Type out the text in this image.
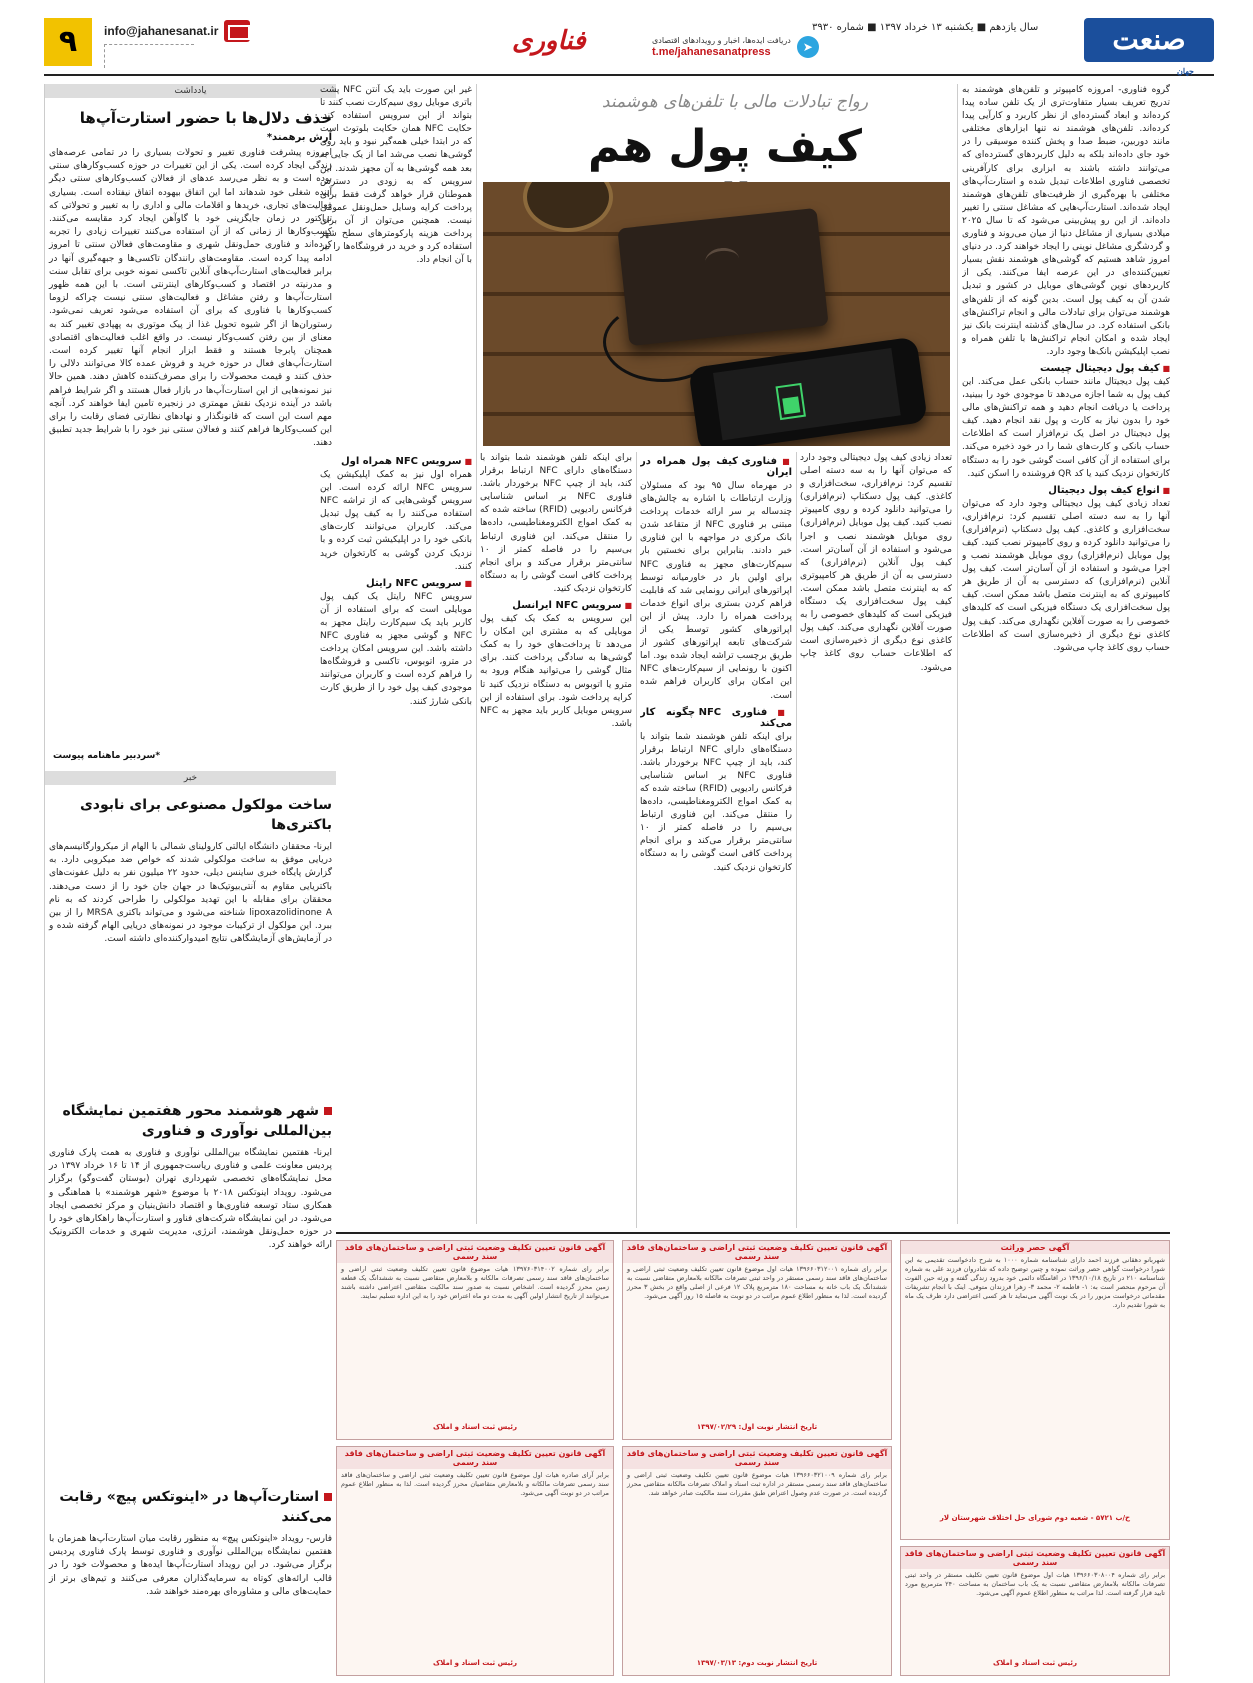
۹	info@jahanesanat.ir	فناوری	➤
دریافت ایده‌ها، اخبار و رویدادهای اقتصادی
t.me/jahanesanatpress
سال یازدهم ■ یکشنبه ۱۳ خرداد ۱۳۹۷ ■ شماره ۳۹۳۰	صنعت
جهان
یادداشت
حذف دلال‌ها با حضور استارت‌آپ‌ها
آرش برهمند*
امروزه پیشرفت فناوری تغییر و تحولات بسیاری را در تمامی عرصه‌های زندگی ایجاد کرده است. یکی از این تغییرات در حوزه کسب‌وکارهای سنتی بوده است و به نظر می‌رسد عدهای از فعالان کسب‌وکارهای سنتی دیگر آینده شغلی خود شدهاند اما این اتفاق بیهوده اتفاق نیفتاده است. بسیاری فعالیت‌های تجاری، خریدها و اقلامات مالی و اداری را به تغییر و تحولاتی که تراکتور در زمان جایگزینی خود با گاوآهن ایجاد کرد مقایسه می‌کنند. کسب‌وکارها از زمانی که از آن استفاده می‌کنند تغییرات زیادی را تجربه کرده‌اند و فناوری حمل‌ونقل شهری و مقاومت‌های فعالان سنتی تا امروز ادامه پیدا کرده است. مقاومت‌های رانندگان تاکسی‌ها و جبهه‌گیری آنها در برابر فعالیت‌های استارت‌آپ‌های آنلاین تاکسی نمونه خوبی برای تقابل سنت و مدرنیته در اقتصاد و کسب‌وکارهای اینترنتی است. با این همه ظهور استارت‌آپ‌ها و رفتن مشاغل و فعالیت‌های سنتی نیست چراکه لزوما کسب‌وکارها با فناوری که برای آن استفاده می‌شود تعریف نمی‌شود. رستوران‌ها از اگر شیوه تحویل غذا از پیک موتوری به پهپادی تغییر کند به معنای از بین رفتن کسب‌وکار نیست. در واقع اغلب فعالیت‌های اقتصادی همچنان پابرجا هستند و فقط ابزار انجام آنها تغییر کرده است. استارت‌آپ‌های فعال در حوزه خرید و فروش عمده کالا می‌توانند دلالی را حذف کنند و قیمت محصولات را برای مصرف‌کننده کاهش دهند. همین حالا نیز نمونه‌هایی از این استارت‌آپ‌ها در بازار فعال هستند و اگر شرایط فراهم باشد در آینده نزدیک نقش مهمتری در زنجیره تامین ایفا خواهند کرد. آنچه مهم است این است که قانونگذار و نهادهای نظارتی فضای رقابت را برای این کسب‌وکارها فراهم کنند و فعالان سنتی نیز خود را با شرایط جدید تطبیق دهند.
*سردبیر ماهنامه پیوست
خبر
ساخت مولکول مصنوعی برای نابودی باکتری‌ها
ایرنا- محققان دانشگاه ایالتی کارولینای شمالی با الهام از میکروارگانیسم‌های دریایی موفق به ساخت مولکولی شدند که خواص ضد میکروبی دارد. به گزارش پایگاه خبری ساینس دیلی، حدود ۲۲ میلیون نفر به دلیل عفونت‌های باکتریایی مقاوم به آنتی‌بیوتیک‌ها در جهان جان خود را از دست می‌دهند. محققان برای مقابله با این تهدید مولکولی را طراحی کردند که به نام lipoxazolidinone A شناخته می‌شود و می‌تواند باکتری MRSA را از بین ببرد. این مولکول از ترکیبات موجود در نمونه‌های دریایی الهام گرفته شده و در آزمایش‌های آزمایشگاهی نتایج امیدوارکننده‌ای داشته است.
شهر هوشمند محور هفتمین نمایشگاه بین‌المللی نوآوری و فناوری
ایرنا- هفتمین نمایشگاه بین‌المللی نوآوری و فناوری به همت پارک فناوری پردیس معاونت علمی و فناوری ریاست‌جمهوری از ۱۴ تا ۱۶ خرداد ۱۳۹۷ در محل نمایشگاه‌های تخصصی شهرداری تهران (بوستان گفت‌وگو) برگزار می‌شود. رویداد اینوتکس ۲۰۱۸ با موضوع «شهر هوشمند» با هماهنگی و همکاری ستاد توسعه فناوری‌ها و اقتصاد دانش‌بنیان و مرکز تخصصی ایجاد می‌شود. در این نمایشگاه شرکت‌های فناور و استارت‌آپ‌ها راهکارهای خود را در حوزه حمل‌ونقل هوشمند، انرژی، مدیریت شهری و خدمات الکترونیک ارائه خواهند کرد.
استارت‌آپ‌ها در «اینوتکس پیچ» رقابت می‌کنند
فارس- رویداد «اینوتکس پیچ» به منظور رقابت میان استارت‌آپ‌ها همزمان با هفتمین نمایشگاه بین‌المللی نوآوری و فناوری توسط پارک فناوری پردیس برگزار می‌شود. در این رویداد استارت‌آپ‌ها ایده‌ها و محصولات خود را در قالب ارائه‌های کوتاه به سرمایه‌گذاران معرفی می‌کنند و تیم‌های برتر از حمایت‌های مالی و مشاوره‌ای بهره‌مند خواهند شد.
رواج تبادلات مالی با تلفن‌های هوشمند
کیف پول هم

گروه فناوری- امروزه کامپیوتر و تلفن‌های هوشمند به تدریج تعریف بسیار متفاوت‌تری از یک تلفن ساده پیدا کرده‌اند و ابعاد گسترده‌ای از نظر کاربرد و کارآیی پیدا کرده‌اند. تلفن‌های هوشمند نه تنها ابزارهای مختلفی مانند دوربین، ضبط صدا و پخش کننده موسیقی را در خود جای داده‌اند بلکه به دلیل کاربردهای گسترده‌ای که می‌توانند داشته باشند به ابزاری برای کارآفرینی تخصصی فناوری اطلاعات تبدیل شده و استارت‌آپ‌های مختلفی با بهره‌گیری از ظرفیت‌های تلفن‌های هوشمند ایجاد شده‌اند. استارت‌آپ‌هایی که مشاغل سنتی را تغییر داده‌اند. از این رو پیش‌بینی می‌شود که تا سال ۲۰۲۵ میلادی بسیاری از مشاغل دنیا از میان می‌روند و فناوری و گردشگری مشاغل نوینی را ایجاد خواهند کرد. در دنیای امروز شاهد هستیم که گوشی‌های هوشمند نقش بسیار تعیین‌کننده‌ای در این عرصه ایفا می‌کنند. یکی از کاربردهای نوین گوشی‌های موبایل در کشور و تبدیل شدن آن به کیف پول است. بدین گونه که از تلفن‌های هوشمند می‌توان برای تبادلات مالی و انجام تراکنش‌های بانکی استفاده کرد. در سال‌های گذشته اینترنت بانک نیز ایجاد شده و امکان انجام تراکنش‌ها با تلفن همراه و نصب اپلیکیشن بانک‌ها وجود دارد.

■ کیف پول دیجیتال چیست

کیف پول دیجیتال مانند حساب بانکی عمل می‌کند. این کیف پول به شما اجازه می‌دهد تا موجودی خود را ببینید، پرداخت یا دریافت انجام دهید و همه تراکنش‌های مالی خود را بدون نیاز به کارت و پول نقد انجام دهید. کیف پول دیجیتال در اصل یک نرم‌افزار است که اطلاعات حساب بانکی و کارت‌های شما را در خود ذخیره می‌کند. برای استفاده از آن کافی است گوشی خود را به دستگاه کارتخوان نزدیک کنید یا کد QR فروشنده را اسکن کنید.

■ انواع کیف پول دیجیتال

تعداد زیادی کیف پول دیجیتالی وجود دارد که می‌توان آنها را به سه دسته اصلی تقسیم کرد: نرم‌افزاری، سخت‌افزاری و کاغذی. کیف پول دسکتاپ (نرم‌افزاری) را می‌توانید دانلود کرده و روی کامپیوتر نصب کنید. کیف پول موبایل (نرم‌افزاری) روی موبایل هوشمند نصب و اجرا می‌شود و استفاده از آن آسان‌تر است. کیف پول آنلاین (نرم‌افزاری) که دسترسی به آن از طریق هر کامپیوتری که به اینترنت متصل باشد ممکن است. کیف پول سخت‌افزاری یک دستگاه فیزیکی است که کلیدهای خصوصی را به صورت آفلاین نگهداری می‌کند. کیف پول کاغذی نوع دیگری از ذخیره‌سازی است که اطلاعات حساب روی کاغذ چاپ می‌شود.

غیر این صورت باید یک آنتن NFC پشت باتری موبایل روی سیم‌کارت نصب کنند تا بتواند از این سرویس استفاده کند. حکایت NFC همان حکایت بلوتوث است که در ابتدا خیلی همه‌گیر نبود و باید روی گوشی‌ها نصب می‌شد اما از یک جایی به بعد همه گوشی‌ها به آن مجهز شدند. این سرویس که به زودی در دسترس هموطنان قرار خواهد گرفت فقط برای پرداخت کرایه وسایل حمل‌ونقل عمومی نیست. همچنین می‌توان از آن برای پرداخت هزینه پارکومترهای سطح شهر استفاده کرد و خرید در فروشگاه‌ها را نیز با آن انجام داد.

تعداد زیادی کیف پول دیجیتالی وجود دارد که می‌توان آنها را به سه دسته اصلی تقسیم کرد: نرم‌افزاری، سخت‌افزاری و کاغذی. کیف پول دسکتاپ (نرم‌افزاری) را می‌توانید دانلود کرده و روی کامپیوتر نصب کنید. کیف پول موبایل (نرم‌افزاری) روی موبایل هوشمند نصب و اجرا می‌شود و استفاده از آن آسان‌تر است. کیف پول آنلاین (نرم‌افزاری) که دسترسی به آن از طریق هر کامپیوتری که به اینترنت متصل باشد ممکن است. کیف پول سخت‌افزاری یک دستگاه فیزیکی است که کلیدهای خصوصی را به صورت آفلاین نگهداری می‌کند. کیف پول کاغذی نوع دیگری از ذخیره‌سازی است که اطلاعات حساب روی کاغذ چاپ می‌شود.

■ فناوری کیف پول همراه در ایران

در مهرماه سال ۹۵ بود که مسئولان وزارت ارتباطات با اشاره به چالش‌های چندساله بر سر ارائه خدمات پرداخت مبتنی بر فناوری NFC از متقاعد شدن بانک مرکزی در مواجهه با این فناوری خبر دادند. بنابراین برای نخستین بار سیم‌کارت‌های مجهز به فناوری NFC برای اولین بار در خاورمیانه توسط اپراتورهای ایرانی رونمایی شد که قابلیت فراهم کردن بستری برای انواع خدمات پرداخت همراه را دارد. پیش از این اپراتورهای کشور توسط یکی از شرکت‌های تابعه اپراتورهای کشور از طریق برچسب تراشه ایجاد شده بود. اما اکنون با رونمایی از سیم‌کارت‌های NFC این امکان برای کاربران فراهم شده است.

■ فناوری NFC چگونه کار می‌کند

برای اینکه تلفن هوشمند شما بتواند با دستگاه‌های دارای NFC ارتباط برقرار کند، باید از چیپ NFC برخوردار باشد. فناوری NFC بر اساس شناسایی فرکانس رادیویی (RFID) ساخته شده که به کمک امواج الکترومغناطیسی، داده‌ها را منتقل می‌کند. این فناوری ارتباط بی‌سیم را در فاصله کمتر از ۱۰ سانتی‌متر برقرار می‌کند و برای انجام پرداخت کافی است گوشی را به دستگاه کارتخوان نزدیک کنید.

برای اینکه تلفن هوشمند شما بتواند با دستگاه‌های دارای NFC ارتباط برقرار کند، باید از چیپ NFC برخوردار باشد. فناوری NFC بر اساس شناسایی فرکانس رادیویی (RFID) ساخته شده که به کمک امواج الکترومغناطیسی، داده‌ها را منتقل می‌کند. این فناوری ارتباط بی‌سیم را در فاصله کمتر از ۱۰ سانتی‌متر برقرار می‌کند و برای انجام پرداخت کافی است گوشی را به دستگاه کارتخوان نزدیک کنید.

■ سرویس NFC ایرانسل

این سرویس به کمک یک کیف پول موبایلی که به مشتری این امکان را می‌دهد تا پرداخت‌های خود را به کمک گوشی‌ها به سادگی پرداخت کنند. برای مثال گوشی را می‌توانید هنگام ورود به مترو یا اتوبوس به دستگاه نزدیک کنید تا کرایه پرداخت شود. برای استفاده از این سرویس موبایل کاربر باید مجهز به NFC باشد.

■ سرویس NFC همراه اول

همراه اول نیز به کمک اپلیکیشن یک سرویس NFC ارائه کرده است. این سرویس گوشی‌هایی که از تراشه NFC استفاده می‌کنند را به کیف پول تبدیل می‌کند. کاربران می‌توانند کارت‌های بانکی خود را در اپلیکیشن ثبت کرده و با نزدیک کردن گوشی به کارتخوان خرید کنند.

■ سرویس NFC رایتل

سرویس NFC رایتل یک کیف پول موبایلی است که برای استفاده از آن کاربر باید یک سیم‌کارت رایتل مجهز به NFC و گوشی مجهز به فناوری NFC داشته باشد. این سرویس امکان پرداخت در مترو، اتوبوس، تاکسی و فروشگاه‌ها را فراهم کرده است و کاربران می‌توانند موجودی کیف پول خود را از طریق کارت بانکی شارژ کنند.

آگهی حصر وراثت
شهربانو دهقانی فرزند احمد دارای شناسنامه شماره ۱۰۰۰ به شرح دادخواست تقدیمی به این شورا درخواست گواهی حصر وراثت نموده و چنین توضیح داده که شادروان فرزند علی به شماره شناسنامه ۲۱۰ در تاریخ ۱۳۹۶/۱۰/۱۸ در اقامتگاه دائمی خود بدرود زندگی گفته و ورثه حین الفوت آن مرحوم منحصر است به: ۱- فاطمه ۲- محمد ۳- زهرا فرزندان متوفی. اینک با انجام تشریفات مقدماتی درخواست مزبور را در یک نوبت آگهی می‌نماید تا هر کسی اعتراضی دارد ظرف یک ماه به شورا تقدیم دارد.
ح/ب ۵۷۲۱ - شعبه دوم شورای حل اختلاف شهرستان لار
آگهی قانون تعیین تکلیف وضعیت ثبتی اراضی و ساختمان‌های فاقد سند رسمی
برابر رای شماره ۱۳۹۶۶۰۳۰۸۰۰۴ هیات اول موضوع قانون تعیین تکلیف مستقر در واحد ثبتی تصرفات مالکانه بلامعارض متقاضی نسبت به یک باب ساختمان به مساحت ۲۴۰ مترمربع مورد تایید قرار گرفته است. لذا مراتب به منظور اطلاع عموم آگهی می‌شود.
رئیس ثبت اسناد و املاک
آگهی قانون تعیین تکلیف وضعیت ثبتی اراضی و ساختمان‌های فاقد سند رسمی
برابر رای شماره ۱۳۹۶۶۰۳۱۲۰۰۱ هیات اول موضوع قانون تعیین تکلیف وضعیت ثبتی اراضی و ساختمان‌های فاقد سند رسمی مستقر در واحد ثبتی تصرفات مالکانه بلامعارض متقاضی نسبت به ششدانگ یک باب خانه به مساحت ۱۸۰ مترمربع پلاک ۱۲ فرعی از اصلی واقع در بخش ۳ محرز گردیده است. لذا به منظور اطلاع عموم مراتب در دو نوبت به فاصله ۱۵ روز آگهی می‌شود.
تاریخ انتشار نوبت اول: ۱۳۹۷/۰۲/۲۹
آگهی قانون تعیین تکلیف وضعیت ثبتی اراضی و ساختمان‌های فاقد سند رسمی
برابر رای شماره ۱۳۹۶۶۰۳۲۱۰۰۹ هیات موضوع قانون تعیین تکلیف وضعیت ثبتی اراضی و ساختمان‌های فاقد سند رسمی مستقر در اداره ثبت اسناد و املاک تصرفات مالکانه متقاضی محرز گردیده است. در صورت عدم وصول اعتراض طبق مقررات سند مالکیت صادر خواهد شد.
تاریخ انتشار نوبت دوم: ۱۳۹۷/۰۳/۱۳
آگهی قانون تعیین تکلیف وضعیت ثبتی اراضی و ساختمان‌های فاقد سند رسمی
برابر رای شماره ۱۳۹۷۶۰۳۱۴۰۰۲ هیات موضوع قانون تعیین تکلیف وضعیت ثبتی اراضی و ساختمان‌های فاقد سند رسمی تصرفات مالکانه و بلامعارض متقاضی نسبت به ششدانگ یک قطعه زمین محرز گردیده است. اشخاص نسبت به صدور سند مالکیت متقاضی اعتراضی داشته باشند می‌توانند از تاریخ انتشار اولین آگهی به مدت دو ماه اعتراض خود را به این اداره تسلیم نمایند.
رئیس ثبت اسناد و املاک
آگهی قانون تعیین تکلیف وضعیت ثبتی اراضی و ساختمان‌های فاقد سند رسمی
برابر آرای صادره هیات اول موضوع قانون تعیین تکلیف وضعیت ثبتی اراضی و ساختمان‌های فاقد سند رسمی تصرفات مالکانه و بلامعارض متقاضیان محرز گردیده است. لذا به منظور اطلاع عموم مراتب در دو نوبت آگهی می‌شود.
رئیس ثبت اسناد و املاک
